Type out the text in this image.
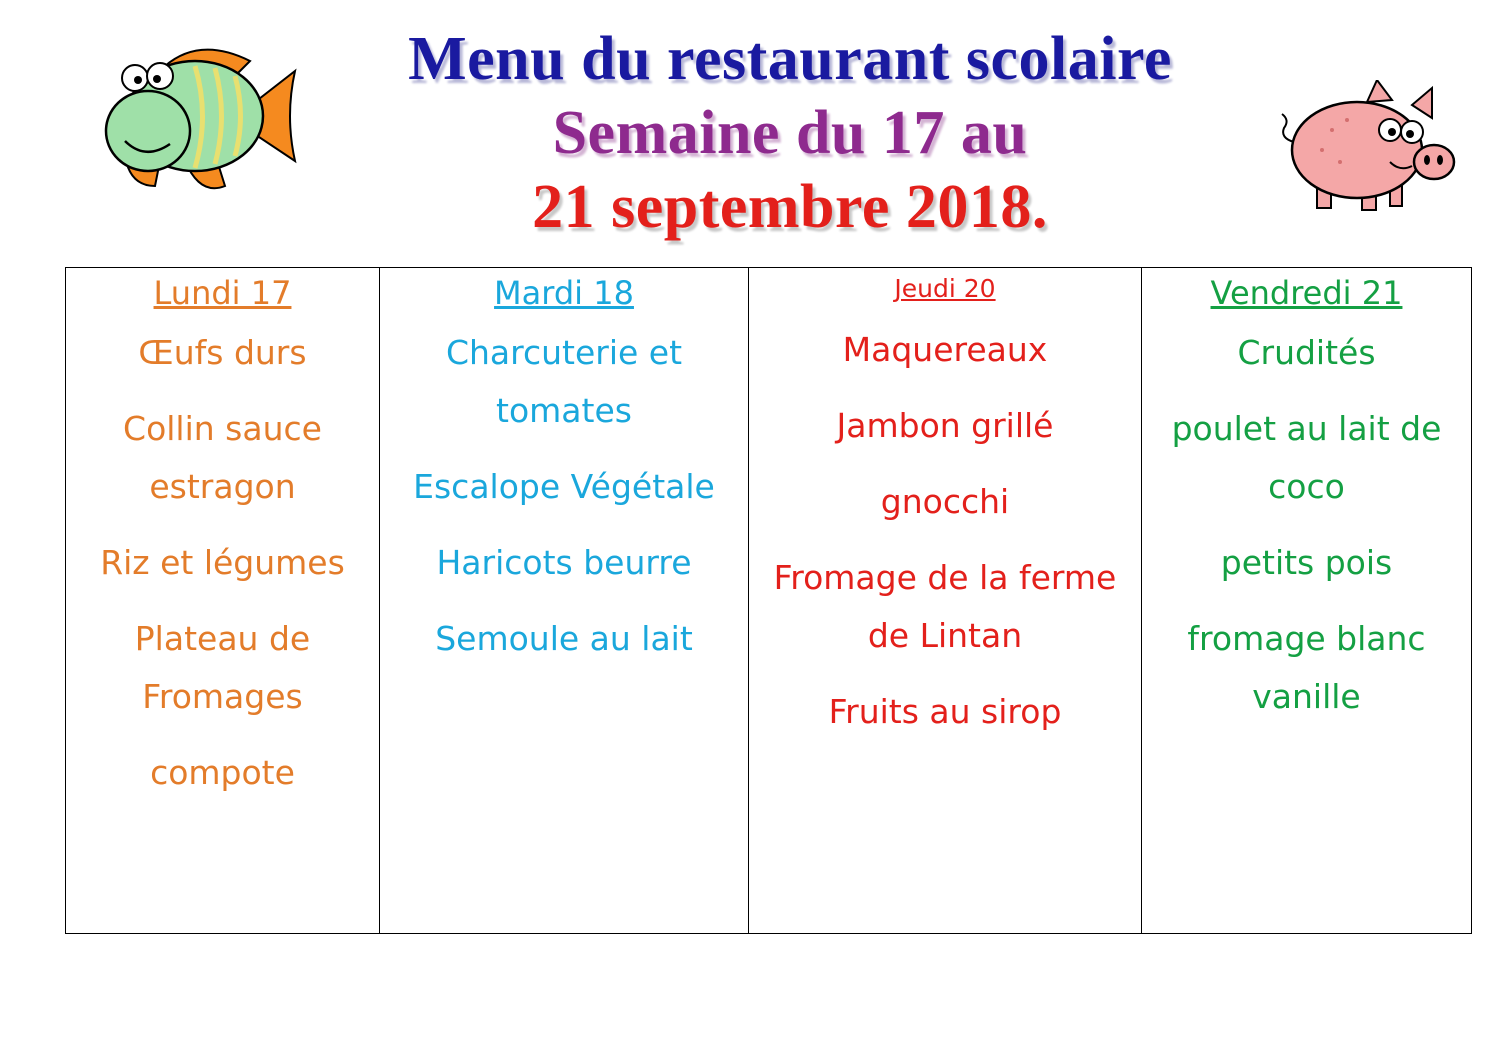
Menu du restaurant scolaire
Semaine du 17 au
21 septembre 2018.
Lundi 17
Œufs durs
Collin sauce estragon
Riz et légumes
Plateau de Fromages
compote

Mardi 18
Charcuterie et tomates
Escalope Végétale
Haricots beurre
Semoule au lait

Jeudi 20
Maquereaux
Jambon grillé
gnocchi
Fromage de la ferme de Lintan
Fruits au sirop

Vendredi 21
Crudités
poulet au lait de coco
petits pois
fromage blanc vanille
